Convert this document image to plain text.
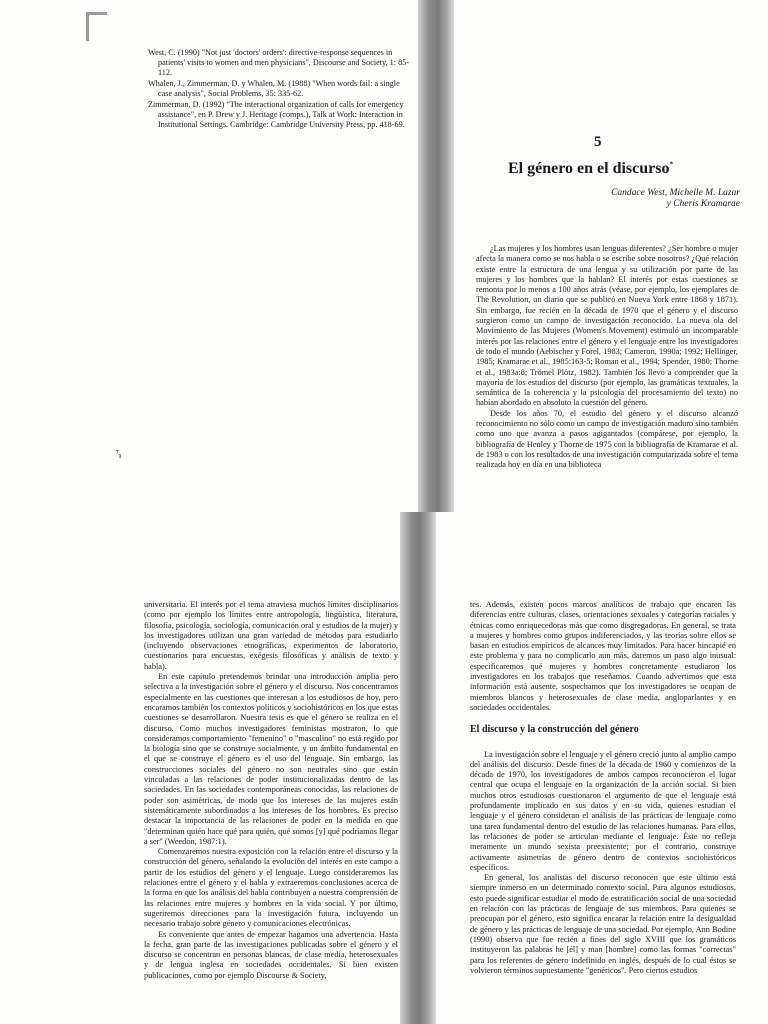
West, C. (1990) "Not just 'doctors' orders': directive-response sequences in patients' visits to women and men physicians", Discourse and Society, 1: 85-112.

Whalen, J., Zimmerman, D. y Whalen, M. (1988) "When words fail: a single case analysis", Social Problems, 35: 335-62.

Zimmerman, D. (1992) "The interactional organization of calls for emergency assistance", en P. Drew y J. Heritage (comps.), Talk at Work: Interaction in Institutional Settings. Cambridge: Cambridge University Press, pp. 418-69.

⁷₁
5
El género en el discurso*
Candace West, Michelle M. Lazar
y Cheris Kramarae

¿Las mujeres y los hombres usan lenguas diferentes? ¿Ser hombre o mujer afecta la manera como se nos habla o se escribe sobre nosotros? ¿Qué relación existe entre la estructura de una lengua y su utilización por parte de las mujeres y los hombres que la hablan? El interés por estas cuestiones se remonta por lo menos a 100 años atrás (véase, por ejemplo, los ejemplares de The Revolution, un diario que se publicó en Nueva York entre 1868 y 1871). Sin embargo, fue recién en la década de 1970 que el género y el discurso surgieron como un campo de investigación reconocido. La nueva ola del Movimiento de las Mujeres (Women's Movement) estimuló un incomparable interés por las relaciones entre el género y el lenguaje entre los investigadores de todo el mundo (Aebischer y Forel, 1983; Cameron, 1990a; 1992; Hellinger, 1985; Kramarae et al., 1985:163-5; Roman et al., 1994; Spender, 1980; Thorne et al., 1983a:8; Trömel Plötz, 1982). También los llevó a comprender que la mayoría de los estudios del discurso (por ejemplo, las gramáticas textuales, la semántica de la coherencia y la psicología del procesamiento del texto) no habían abordado en absoluto la cuestión del género.

Desde los años 70, el estudio del género y el discurso alcanzó reconocimiento no sólo como un campo de investigación maduro sino también como uno que avanza a pasos agigantados (compárese, por ejemplo, la bibliografía de Henley y Thorne de 1975 con la bibliografía de Kramarae et al. de 1983 o con los resultados de una investigación computarizada sobre el tema realizada hoy en día en una biblioteca

universitaria. El interés por el tema atraviesa muchos límites disciplinarios (como por ejemplo los límites entre antropología, lingüística, literatura, filosofía, psicología, sociología, comunicación oral y estudios de la mujer) y los investigadores utilizan una gran variedad de métodos para estudiarlo (incluyendo observaciones etnográficas, experimentos de laboratorio, cuestionarios para encuestas, exégesis filosóficas y análisis de texto y habla).

En este capítulo pretendemos brindar una introducción amplia pero selectiva a la investigación sobre el género y el discurso. Nos concentramos especialmente en las cuestiones que interesan a los estudiosos de hoy, pero encaramos también los contextos políticos y sociohistóricos en los que estas cuestiones se desarrollaron. Nuestra tesis es que el género se realiza en el discurso. Como muchos investigadores feministas mostraron, lo que consideramos comportamiento "femenino" o "masculino" no está regido por la biología sino que se construye socialmente, y un ámbito fundamental en el que se construye el género es el uso del lenguaje. Sin embargo, las construcciones sociales del género no son neutrales sino que están vinculadas a las relaciones de poder institucionalizadas dentro de las sociedades. En las sociedades contemporáneas conocidas, las relaciones de poder son asimétricas, de modo que los intereses de las mujeres están sistemáticamente subordinados a los intereses de los hombres. Es preciso destacar la importancia de las relaciones de poder en la medida en que "determinan quién hace qué para quién, qué somos [y] qué podríamos llegar a ser" (Weedon, 1987:1).

Comenzaremos nuestra exposición con la relación entre el discurso y la construcción del género, señalando la evolución del interés en este campo a partir de los estudios del género y el lenguaje. Luego consideraremos las relaciones entre el género y el habla y extraeremos conclusiones acerca de la forma en que los análisis del habla contribuyen a nuestra comprensión de las relaciones entre mujeres y hombres en la vida social. Y por último, sugeriremos direcciones para la investigación futura, incluyendo un necesario trabajo sobre género y comunicaciones electrónicas.

Es conveniente que antes de empezar hagamos una advertencia. Hasta la fecha, gran parte de las investigaciones publicadas sobre el género y el discurso se concentran en personas blancas, de clase media, heterosexuales y de lengua inglesa en sociedades occidentales. Si bien existen publicaciones, como por ejemplo Discourse & Society,

tes. Además, existen pocos marcos analíticos de trabajo que encaren las diferencias entre culturas, clases, orientaciones sexuales y categorías raciales y étnicas como enriquecedoras más que como disgregadoras. En general, se trata a mujeres y hombres como grupos indiferenciados, y las teorías sobre ellos se basan en estudios empíricos de alcances muy limitados. Para hacer hincapié en este problema y para no complicarlo aun más, daremos un paso algo inusual: especificaremos qué mujeres y hombres concretamente estudiaron los investigadores en los trabajos que reseñamos. Cuando advertimos que esta información está ausente, sospechamos que los investigadores se ocupan de miembros blancos y heterosexuales de clase media, angloparlantes y en sociedades occidentales.

El discurso y la construcción del género

La investigación sobre el lenguaje y el género creció junto al amplio campo del análisis del discurso. Desde fines de la década de 1960 y comienzos de la década de 1970, los investigadores de ambos campos reconocieron el lugar central que ocupa el lenguaje en la organización de la acción social. Si bien muchos otros estudiosos cuestionaron el argumento de que el lenguaje está profundamente implicado en sus datos y en su vida, quienes estudian el lenguaje y el género consideran el análisis de las prácticas de lenguaje como una tarea fundamental dentro del estudio de las relaciones humanas. Para ellos, las relaciones de poder se articulan mediante el lenguaje. Éste no refleja meramente un mundo sexista preexistente; por el contrario, construye activamente asimetrías de género dentro de contextos sociohistóricos específicos.

En general, los analistas del discurso reconocen que este último está siempre inmerso en un determinado contexto social. Para algunos estudiosos, esto puede significar estudiar el modo de estratificación social de una sociedad en relación con las prácticas de lenguaje de sus miembros. Para quienes se preocupan por el género, esto significa encarar la relación entre la desigualdad de género y las prácticas de lenguaje de una sociedad. Por ejemplo, Ann Bodine (1990) observa que fue recién a fines del siglo XVIII que los gramáticos instituyeron las palabras he [él] y man [hombre] como las formas "correctas" para los referentes de género indefinido en inglés, después de lo cual éstos se volvieron términos supuestamente "genéricos". Pero ciertos estudios
